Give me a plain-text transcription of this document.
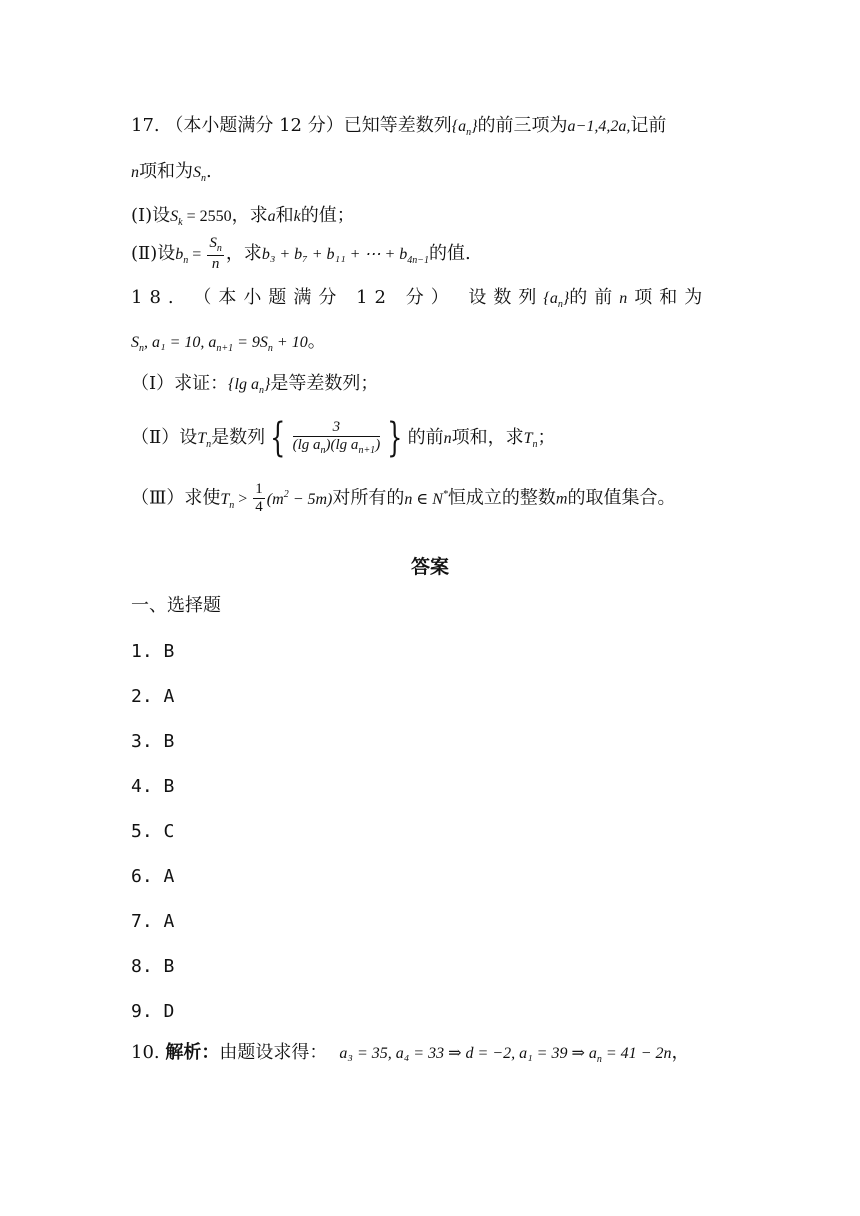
17. （本小题满分 12 分）已知等差数列$\{a_n\}$的前三项为a−1,4,2a,记前
n项和为$S_n$.
(Ⅰ)设$S_k = 2550$，求a和k的值；
(Ⅱ)设$b_n = \frac{S_n}{n}$ ，求b₃ + b₇ + b₁₁ + ⋯ + $b_{4n-1}$的值.
18. （本小题满分 12 分） 设数列$\{a_n\}$的前n项和为
$S_n$, a₁ = 10, $a_{n+1} = 9S_n + 10$。
（Ⅰ）求证：{lg $a_n$}是等差数列；
（Ⅱ）设$T_n$是数列 { $\frac{3}{(\lg a_n)(\lg a_{n+1})}$ } 的前n项和，求$T_n$；
（Ⅲ）求使$T_n > \frac{1}{4} (m^2 - 5m)$对所有的n ∈ N*恒成立的整数m的取值集合。
答案
一、选择题
1. B
2. A
3. B
4. B
5. C
6. A
7. A
8. B
9. D
10. 解析：由题设求得： a₃ = 35, a₄ = 33 ⇒ d = −2, a₁ = 39 ⇒ $a_n = 41 - 2n$，
